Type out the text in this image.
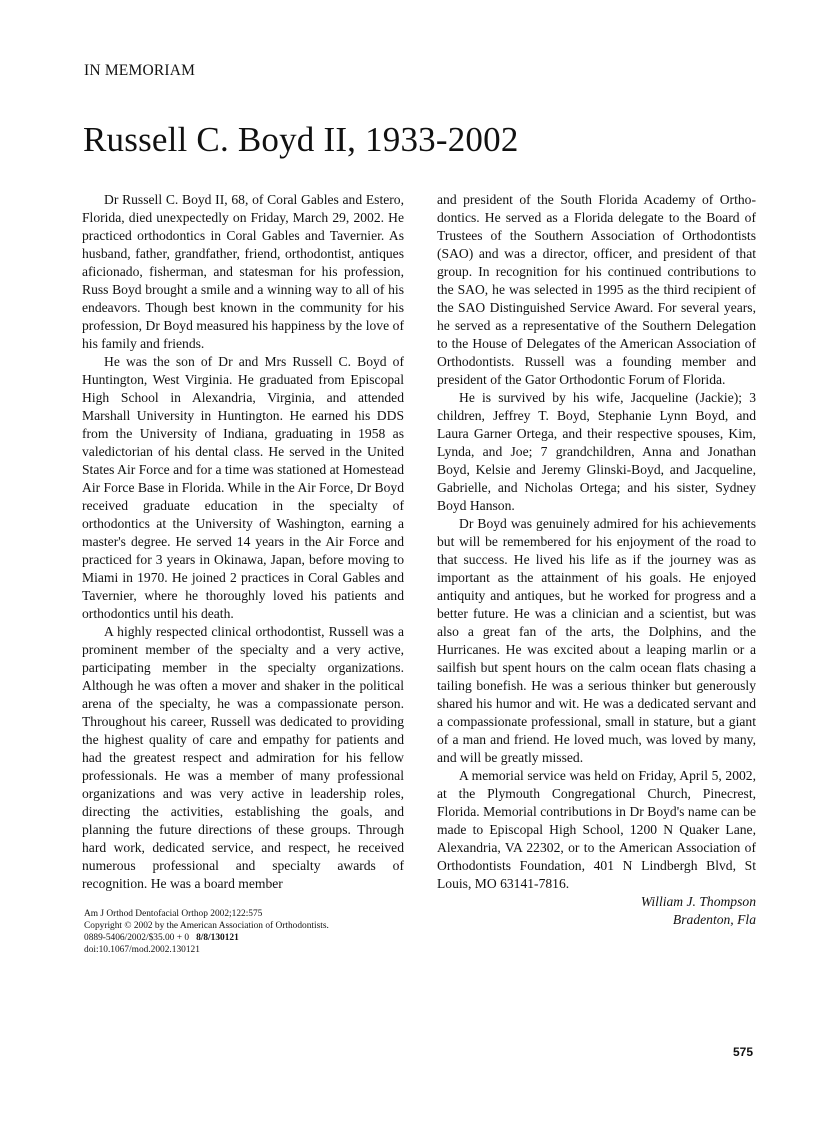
IN MEMORIAM
Russell C. Boyd II, 1933-2002

Dr Russell C. Boyd II, 68, of Coral Gables and Estero, Florida, died unexpectedly on Friday, March 29, 2002. He practiced orthodontics in Coral Gables and Tavernier. As husband, father, grandfather, friend, orthodontist, antiques aficionado, fisherman, and statesman for his profession, Russ Boyd brought a smile and a winning way to all of his endeavors. Though best known in the community for his profession, Dr Boyd measured his happiness by the love of his family and friends.

He was the son of Dr and Mrs Russell C. Boyd of Huntington, West Virginia. He graduated from Episcopal High School in Alexandria, Virginia, and attended Marshall University in Huntington. He earned his DDS from the University of Indiana, graduating in 1958 as valedictorian of his dental class. He served in the United States Air Force and for a time was stationed at Homestead Air Force Base in Florida. While in the Air Force, Dr Boyd received graduate education in the specialty of orthodontics at the University of Washington, earning a master's degree. He served 14 years in the Air Force and practiced for 3 years in Okinawa, Japan, before moving to Miami in 1970. He joined 2 practices in Coral Gables and Tavernier, where he thoroughly loved his patients and orthodontics until his death.

A highly respected clinical orthodontist, Russell was a prominent member of the specialty and a very active, participating member in the specialty organizations. Although he was often a mover and shaker in the political arena of the specialty, he was a compassionate person. Throughout his career, Russell was dedicated to providing the highest quality of care and empathy for patients and had the greatest respect and admiration for his fellow professionals. He was a member of many professional organizations and was very active in leadership roles, directing the activities, establishing the goals, and planning the future directions of these groups. Through hard work, dedicated service, and respect, he received numerous professional and specialty awards of recognition. He was a board member

Am J Orthod Dentofacial Orthop 2002;122:575
Copyright © 2002 by the American Association of Orthodontists.
0889-5406/2002/$35.00 + 0 8/8/130121
doi:10.1067/mod.2002.130121

and president of the South Florida Academy of Orthodontics. He served as a Florida delegate to the Board of Trustees of the Southern Association of Orthodontists (SAO) and was a director, officer, and president of that group. In recognition for his continued contributions to the SAO, he was selected in 1995 as the third recipient of the SAO Distinguished Service Award. For several years, he served as a representative of the Southern Delegation to the House of Delegates of the American Association of Orthodontists. Russell was a founding member and president of the Gator Orthodontic Forum of Florida.

He is survived by his wife, Jacqueline (Jackie); 3 children, Jeffrey T. Boyd, Stephanie Lynn Boyd, and Laura Garner Ortega, and their respective spouses, Kim, Lynda, and Joe; 7 grandchildren, Anna and Jonathan Boyd, Kelsie and Jeremy Glinski-Boyd, and Jacqueline, Gabrielle, and Nicholas Ortega; and his sister, Sydney Boyd Hanson.

Dr Boyd was genuinely admired for his achievements but will be remembered for his enjoyment of the road to that success. He lived his life as if the journey was as important as the attainment of his goals. He enjoyed antiquity and antiques, but he worked for progress and a better future. He was a clinician and a scientist, but was also a great fan of the arts, the Dolphins, and the Hurricanes. He was excited about a leaping marlin or a sailfish but spent hours on the calm ocean flats chasing a tailing bonefish. He was a serious thinker but generously shared his humor and wit. He was a dedicated servant and a compassionate professional, small in stature, but a giant of a man and friend. He loved much, was loved by many, and will be greatly missed.

A memorial service was held on Friday, April 5, 2002, at the Plymouth Congregational Church, Pinecrest, Florida. Memorial contributions in Dr Boyd's name can be made to Episcopal High School, 1200 N Quaker Lane, Alexandria, VA 22302, or to the American Association of Orthodontists Foundation, 401 N Lindbergh Blvd, St Louis, MO 63141-7816.

William J. Thompson
Bradenton, Fla
575
